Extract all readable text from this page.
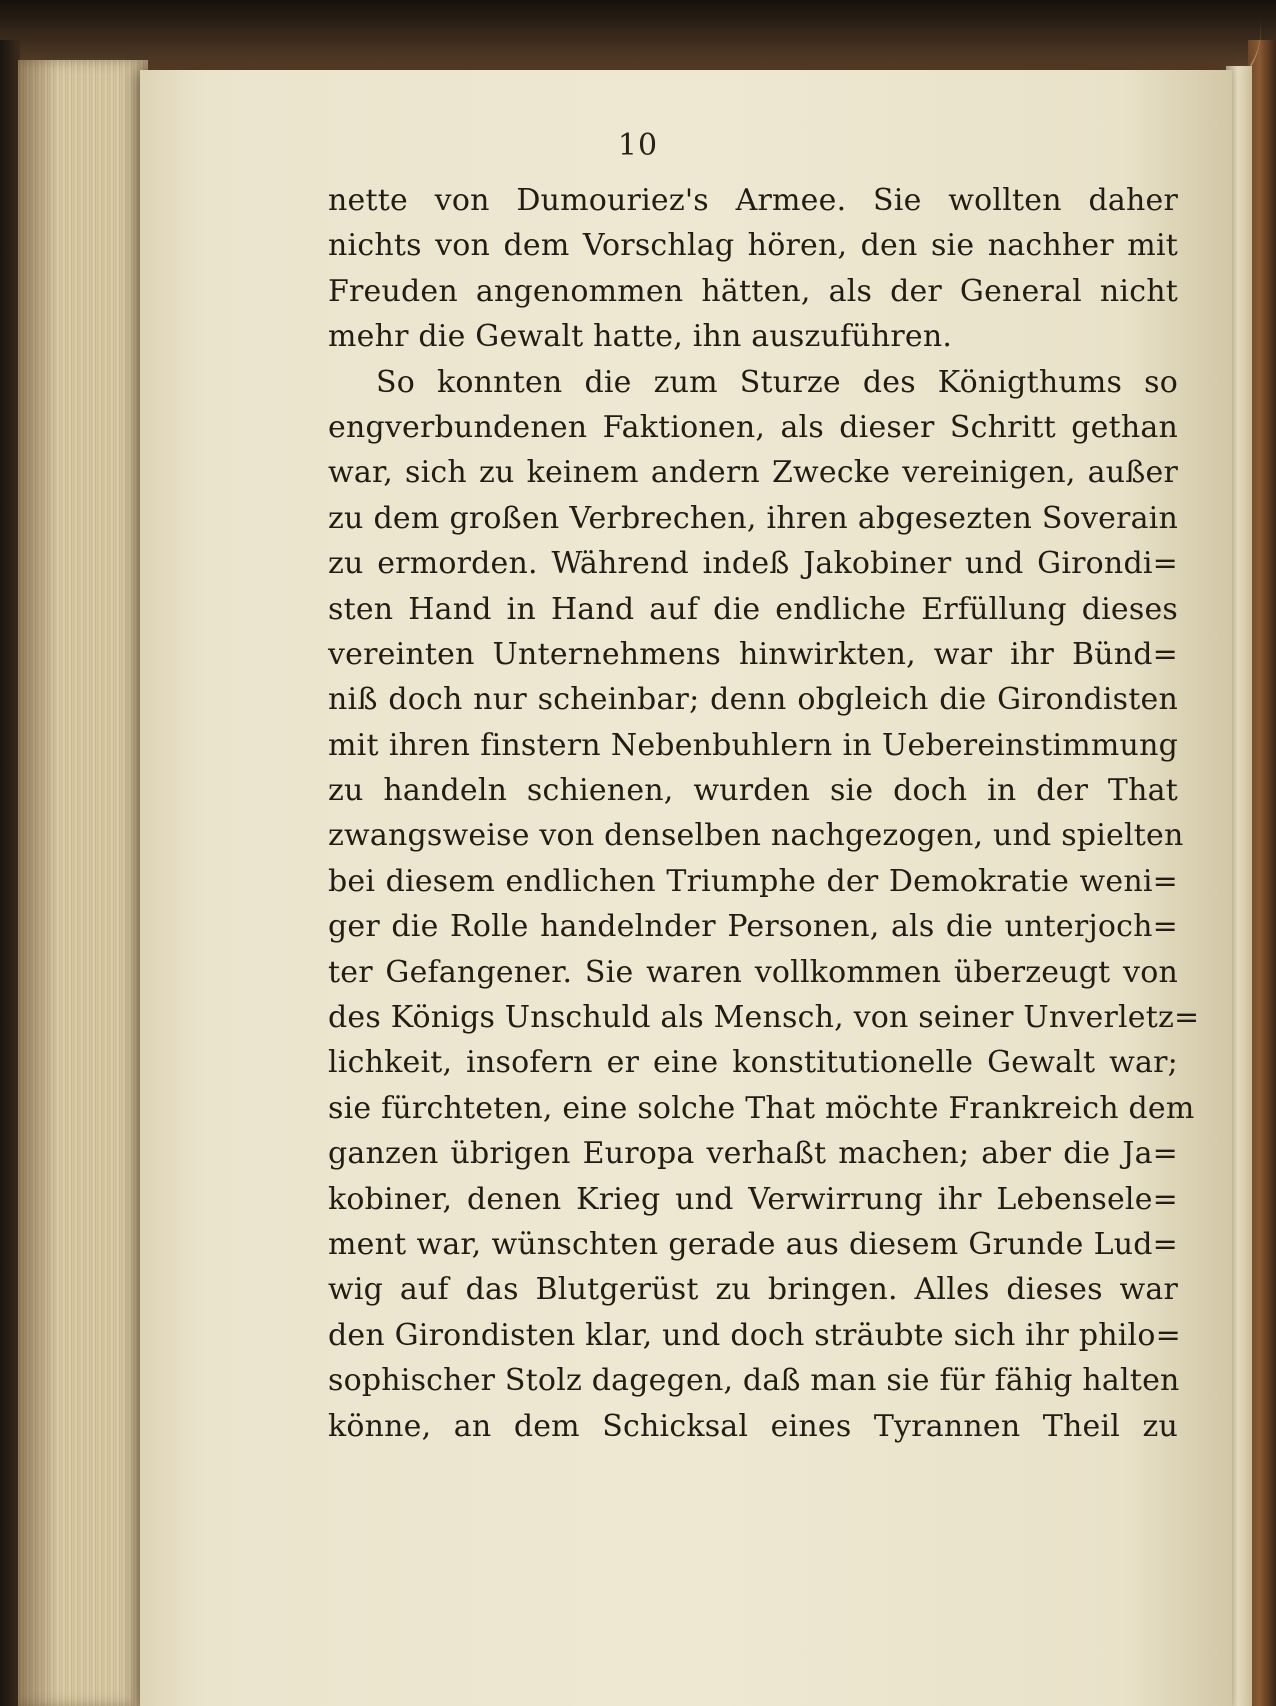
10
nette von Dumouriez's Armee. Sie wollten daher
nichts von dem Vorschlag hören, den sie nachher mit
Freuden angenommen hätten, als der General nicht
mehr die Gewalt hatte, ihn auszuführen.
So konnten die zum Sturze des Königthums so
engverbundenen Faktionen, als dieser Schritt gethan
war, sich zu keinem andern Zwecke vereinigen, außer
zu dem großen Verbrechen, ihren abgesezten Soverain
zu ermorden. Während indeß Jakobiner und Girondi=
sten Hand in Hand auf die endliche Erfüllung dieses
vereinten Unternehmens hinwirkten, war ihr Bünd=
niß doch nur scheinbar; denn obgleich die Girondisten
mit ihren finstern Nebenbuhlern in Uebereinstimmung
zu handeln schienen, wurden sie doch in der That
zwangsweise von denselben nachgezogen, und spielten
bei diesem endlichen Triumphe der Demokratie weni=
ger die Rolle handelnder Personen, als die unterjoch=
ter Gefangener. Sie waren vollkommen überzeugt von
des Königs Unschuld als Mensch, von seiner Unverletz=
lichkeit, insofern er eine konstitutionelle Gewalt war;
sie fürchteten, eine solche That möchte Frankreich dem
ganzen übrigen Europa verhaßt machen; aber die Ja=
kobiner, denen Krieg und Verwirrung ihr Lebensele=
ment war, wünschten gerade aus diesem Grunde Lud=
wig auf das Blutgerüst zu bringen. Alles dieses war
den Girondisten klar, und doch sträubte sich ihr philo=
sophischer Stolz dagegen, daß man sie für fähig halten
könne, an dem Schicksal eines Tyrannen Theil zu
